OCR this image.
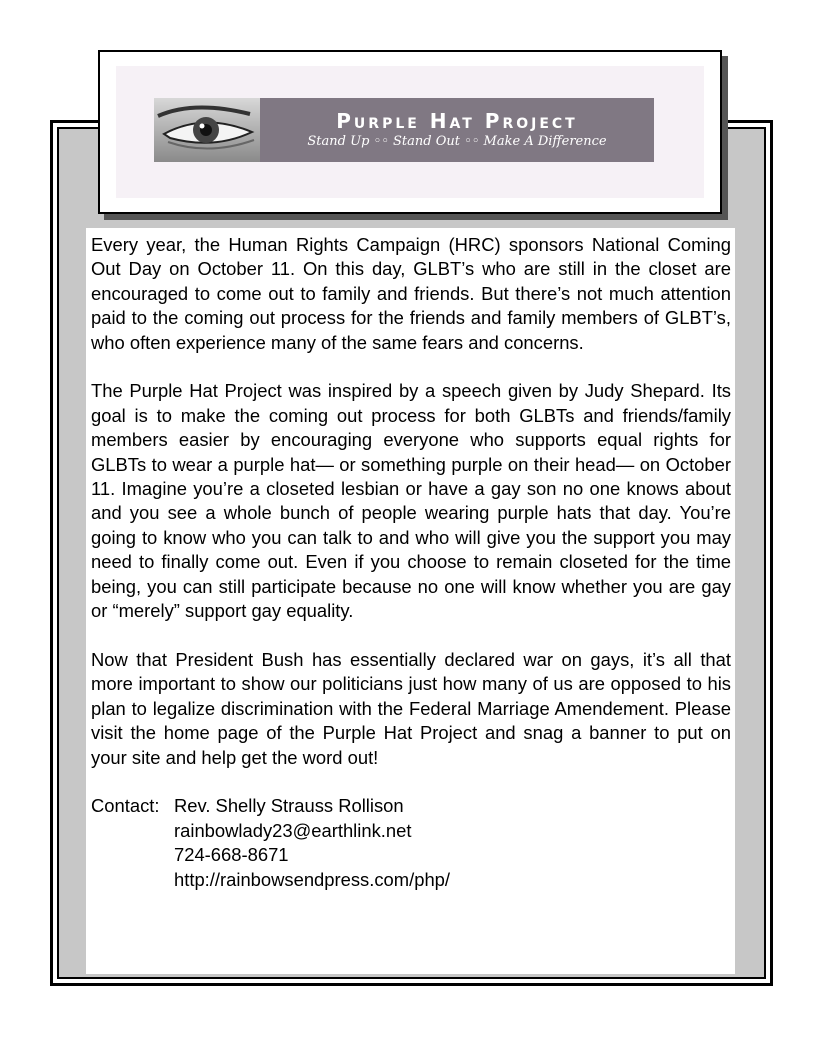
Purple Hat Project
Stand Up ◦◦ Stand Out ◦◦ Make A Difference

Every year, the Human Rights Campaign (HRC) sponsors National Coming Out Day on October 11. On this day, GLBT’s who are still in the closet are encouraged to come out to family and friends. But there’s not much attention paid to the coming out process for the friends and family members of GLBT’s, who often experience many of the same fears and concerns.

The Purple Hat Project was inspired by a speech given by Judy Shepard. Its goal is to make the coming out process for both GLBTs and friends/family members easier by encouraging everyone who supports equal rights for GLBTs to wear a purple hat— or something purple on their head— on October 11. Imagine you’re a closeted lesbian or have a gay son no one knows about and you see a whole bunch of people wearing purple hats that day. You’re going to know who you can talk to and who will give you the support you may need to finally come out. Even if you choose to remain closeted for the time being, you can still participate because no one will know whether you are gay or “merely” support gay equality.

Now that President Bush has essentially declared war on gays, it’s all that more important to show our politicians just how many of us are opposed to his plan to legalize discrimination with the Federal Marriage Amendement. Please visit the home page of the Purple Hat Project and snag a banner to put on your site and help get the word out!

Contact: Rev. Shelly Strauss Rollison
rainbowlady23@earthlink.net
724-668-8671
http://rainbowsendpress.com/php/
